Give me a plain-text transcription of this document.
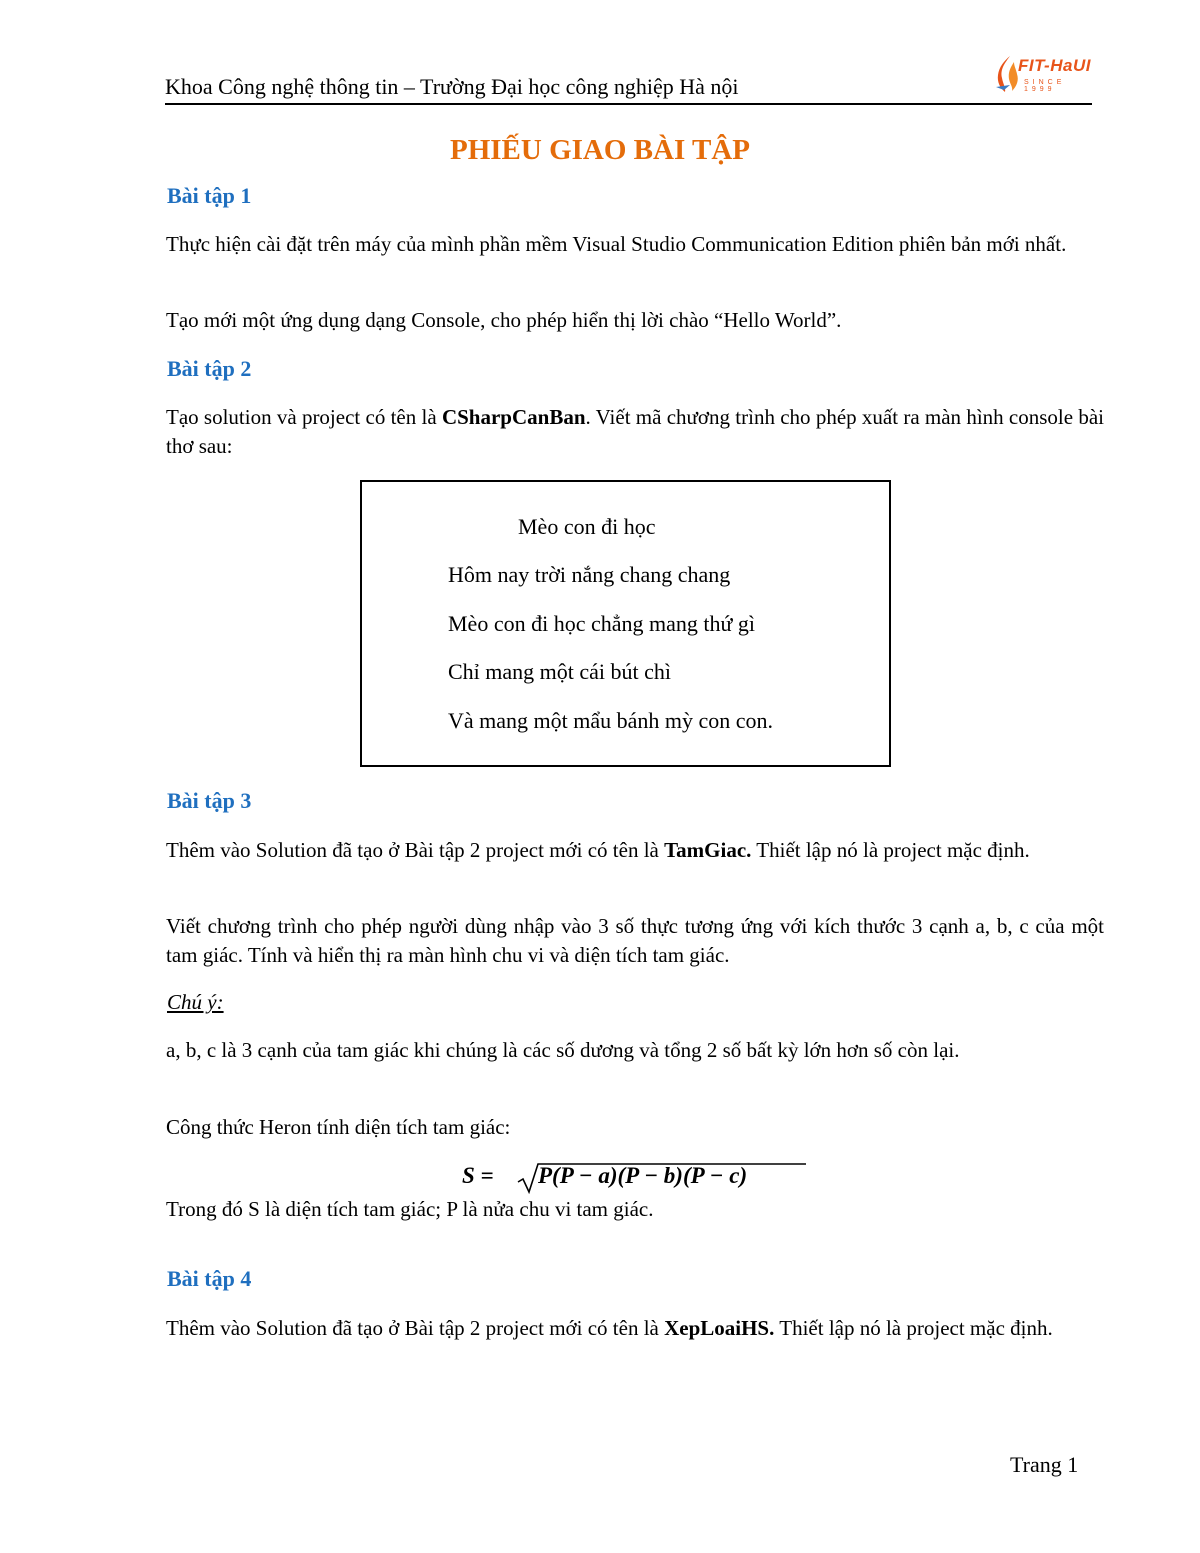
Khoa Công nghệ thông tin – Trường Đại học công nghiệp Hà nội
FIT-HaUI
SINCE 1999
PHIẾU GIAO BÀI TẬP
Bài tập 1
Thực hiện cài đặt trên máy của mình phần mềm Visual Studio Communication Edition phiên bản mới nhất.
Tạo mới một ứng dụng dạng Console, cho phép hiển thị lời chào “Hello World”.
Bài tập 2
Tạo solution và project có tên là CSharpCanBan. Viết mã chương trình cho phép xuất ra màn hình console bài thơ sau:
Mèo con đi học
Hôm nay trời nắng chang chang
Mèo con đi học chẳng mang thứ gì
Chỉ mang một cái bút chì
Và mang một mẩu bánh mỳ con con.
Bài tập 3
Thêm vào Solution đã tạo ở Bài tập 2 project mới có tên là TamGiac. Thiết lập nó là project mặc định.
Viết chương trình cho phép người dùng nhập vào 3 số thực tương ứng với kích thước 3 cạnh a, b, c của một tam giác. Tính và hiển thị ra màn hình chu vi và diện tích tam giác.
Chú ý:
a, b, c là 3 cạnh của tam giác khi chúng là các số dương và tổng 2 số bất kỳ lớn hơn số còn lại.
Công thức Heron tính diện tích tam giác:
S = P(P − a)(P − b)(P − c)
Trong đó S là diện tích tam giác; P là nửa chu vi tam giác.
Bài tập 4
Thêm vào Solution đã tạo ở Bài tập 2 project mới có tên là XepLoaiHS. Thiết lập nó là project mặc định.
Trang 1
